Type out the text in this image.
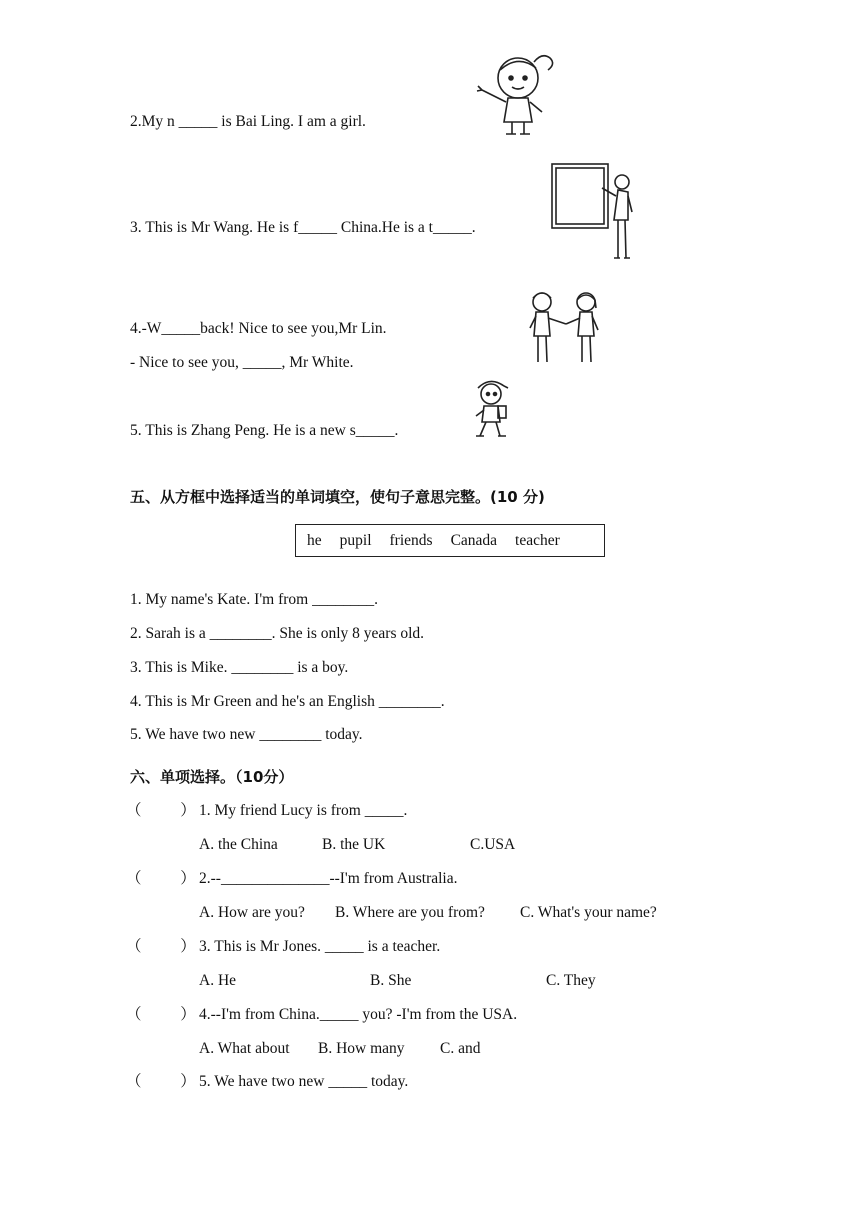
2.My n _____ is Bai Ling. I am a girl.
3. This is Mr Wang. He is f_____ China.He is a t_____.
4.-W_____back! Nice to see you,Mr Lin.
- Nice to see you, _____, Mr White.
5. This is Zhang Peng. He is a new s_____.
五、从方框中选择适当的单词填空，使句子意思完整。(10 分)
he pupil friends Canada teacher
1. My name's Kate. I'm from ________.
2. Sarah is a ________. She is only 8 years old.
3. This is Mike. ________ is a boy.
4. This is Mr Green and he's an English ________.
5. We have two new ________ today.
六、单项选择。（10分）
（          ） 1. My friend Lucy is from _____.
A. the China	B. the UK	C.USA
（          ） 2.--______________--I'm from Australia.
A. How are you? B. Where are you from? C. What's your name?
（          ） 3. This is Mr Jones. _____ is a teacher.
A. He	B. She	C. They
（          ） 4.--I'm from China._____ you? -I'm from the USA.
A. What about B. How many C. and
（          ） 5. We have two new _____ today.
